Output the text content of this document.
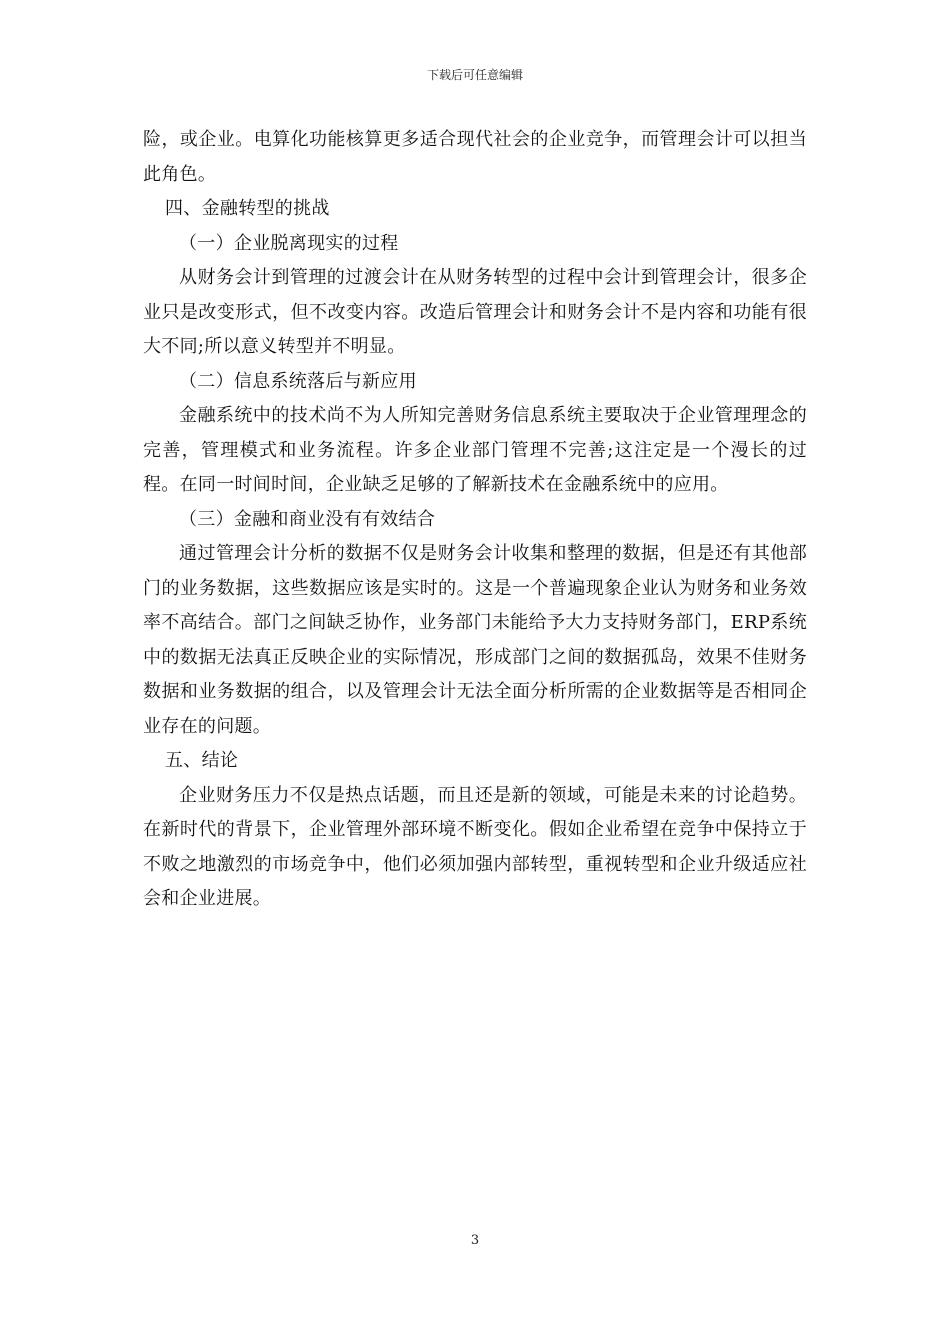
下载后可任意编辑

险，或企业。电算化功能核算更多适合现代社会的企业竞争，而管理会计可以担当此角色。

四、金融转型的挑战

（一）企业脱离现实的过程

从财务会计到管理的过渡会计在从财务转型的过程中会计到管理会计，很多企业只是改变形式，但不改变内容。改造后管理会计和财务会计不是内容和功能有很大不同;所以意义转型并不明显。

（二）信息系统落后与新应用

金融系统中的技术尚不为人所知完善财务信息系统主要取决于企业管理理念的完善，管理模式和业务流程。许多企业部门管理不完善;这注定是一个漫长的过程。在同一时间时间，企业缺乏足够的了解新技术在金融系统中的应用。

（三）金融和商业没有有效结合

通过管理会计分析的数据不仅是财务会计收集和整理的数据，但是还有其他部门的业务数据，这些数据应该是实时的。这是一个普遍现象企业认为财务和业务效率不高结合。部门之间缺乏协作，业务部门未能给予大力支持财务部门，ERP系统中的数据无法真正反映企业的实际情况，形成部门之间的数据孤岛，效果不佳财务数据和业务数据的组合，以及管理会计无法全面分析所需的企业数据等是否相同企业存在的问题。

五、结论

企业财务压力不仅是热点话题，而且还是新的领域，可能是未来的讨论趋势。在新时代的背景下，企业管理外部环境不断变化。假如企业希望在竞争中保持立于不败之地激烈的市场竞争中，他们必须加强内部转型，重视转型和企业升级适应社会和企业进展。

3
